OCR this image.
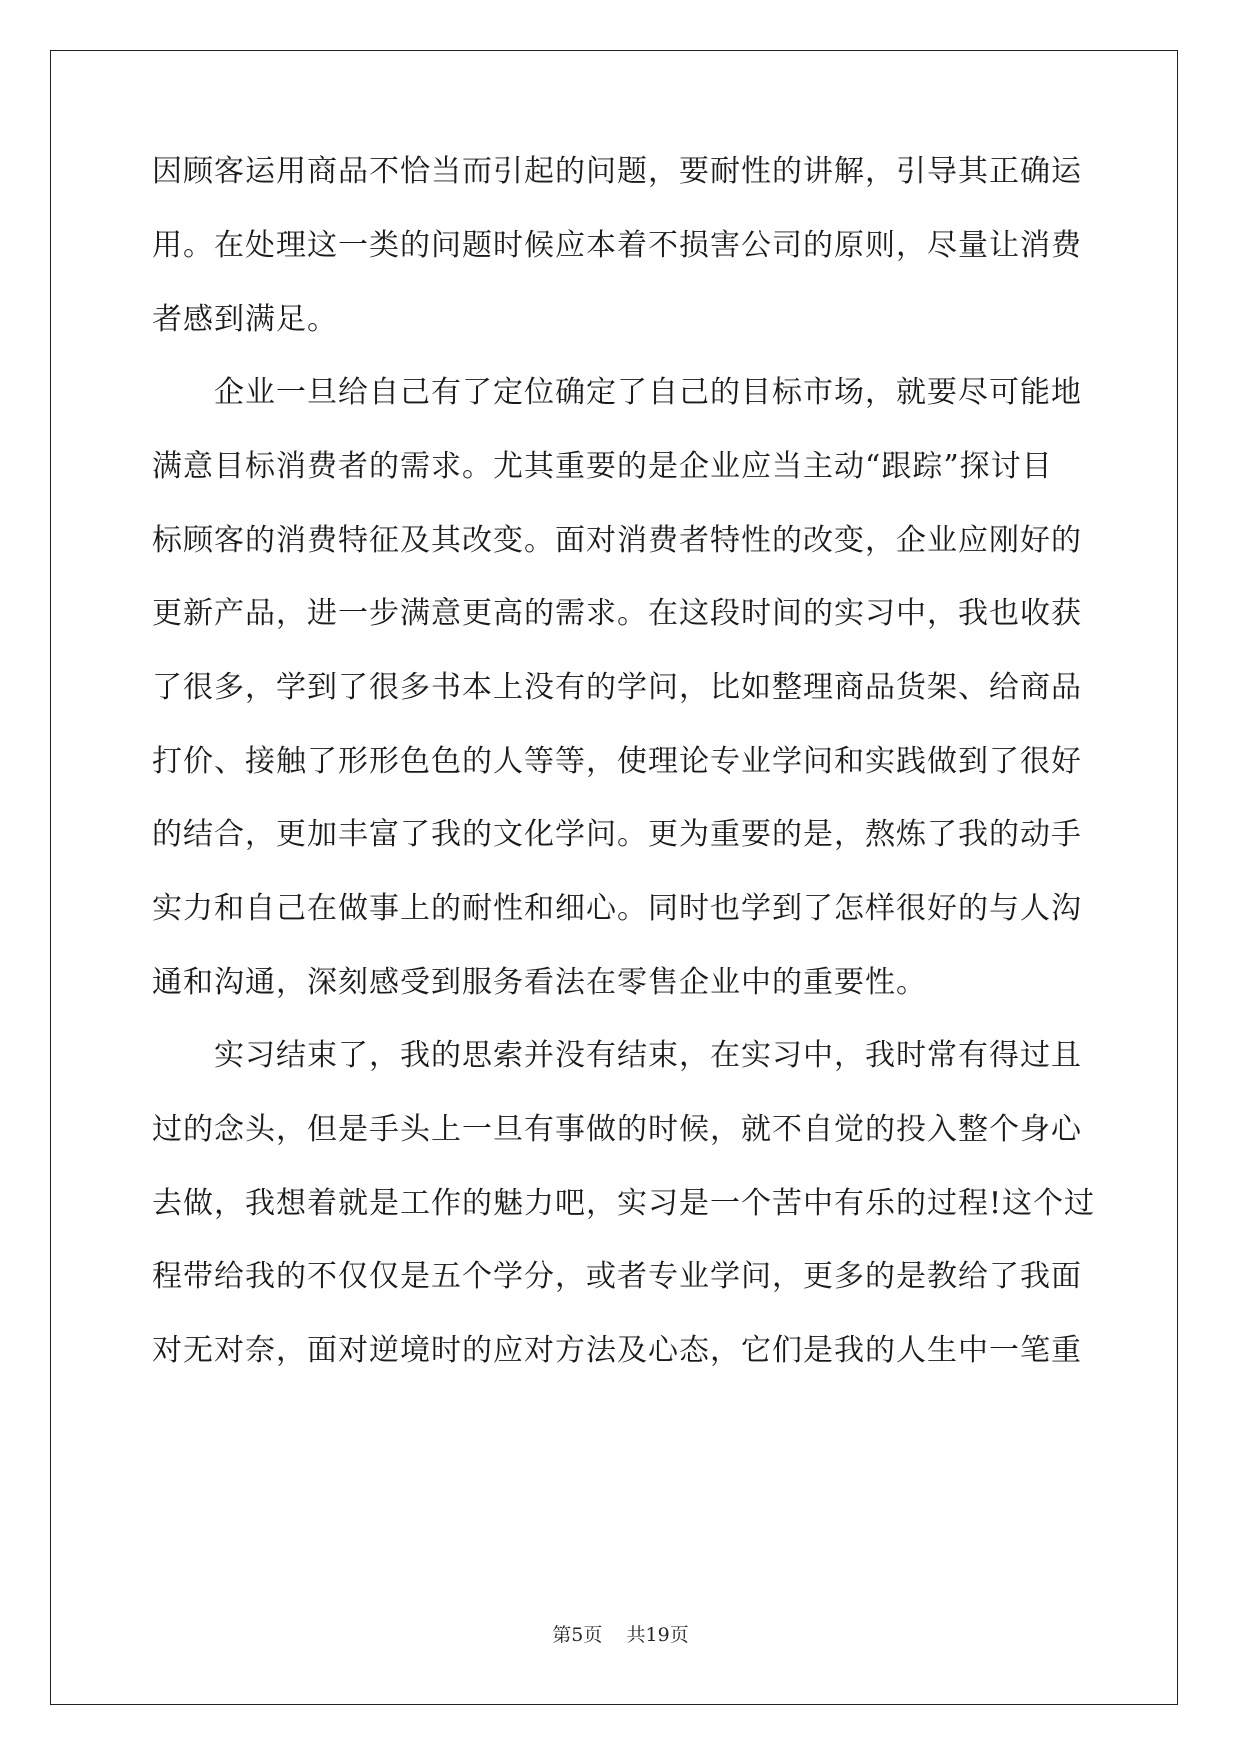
因顾客运用商品不恰当而引起的问题，要耐性的讲解，引导其正确运
用。在处理这一类的问题时候应本着不损害公司的原则，尽量让消费
者感到满足。
企业一旦给自己有了定位确定了自己的目标市场，就要尽可能地
满意目标消费者的需求。尤其重要的是企业应当主动“跟踪”探讨目
标顾客的消费特征及其改变。面对消费者特性的改变，企业应刚好的
更新产品，进一步满意更高的需求。在这段时间的实习中，我也收获
了很多，学到了很多书本上没有的学问，比如整理商品货架、给商品
打价、接触了形形色色的人等等，使理论专业学问和实践做到了很好
的结合，更加丰富了我的文化学问。更为重要的是，熬炼了我的动手
实力和自己在做事上的耐性和细心。同时也学到了怎样很好的与人沟
通和沟通，深刻感受到服务看法在零售企业中的重要性。
实习结束了，我的思索并没有结束，在实习中，我时常有得过且
过的念头，但是手头上一旦有事做的时候，就不自觉的投入整个身心
去做，我想着就是工作的魅力吧，实习是一个苦中有乐的过程!这个过
程带给我的不仅仅是五个学分，或者专业学问，更多的是教给了我面
对无对奈，面对逆境时的应对方法及心态，它们是我的人生中一笔重
第5页    共19页
